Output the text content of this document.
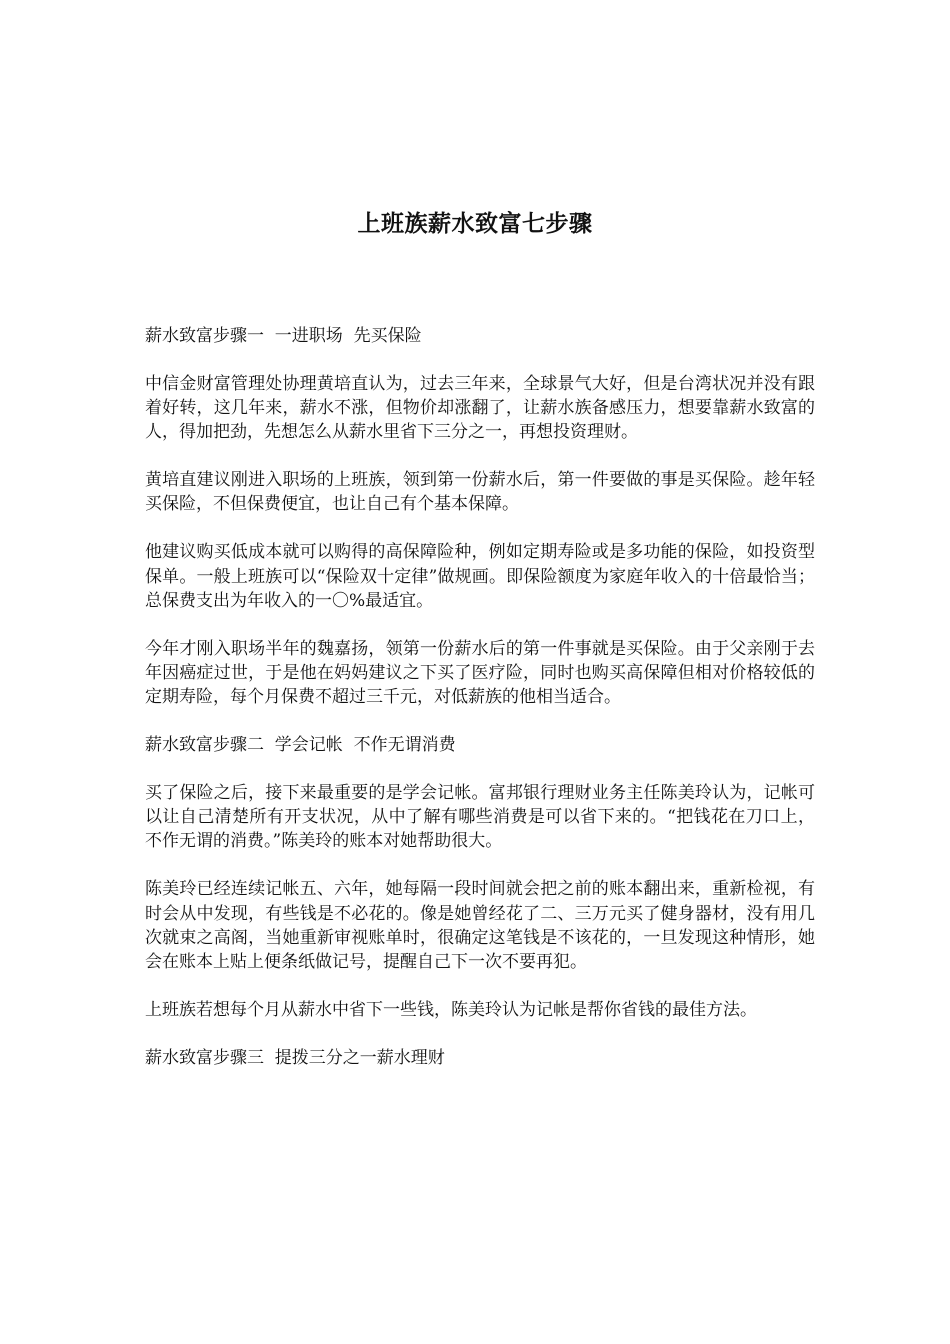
上班族薪水致富七步骤

薪水致富步骤一  一进职场  先买保险

中信金财富管理处协理黄培直认为，过去三年来，全球景气大好，但是台湾状况并没有跟着好转，这几年来，薪水不涨，但物价却涨翻了，让薪水族备感压力，想要靠薪水致富的人，得加把劲，先想怎么从薪水里省下三分之一，再想投资理财。

黄培直建议刚进入职场的上班族，领到第一份薪水后，第一件要做的事是买保险。趁年轻买保险，不但保费便宜，也让自己有个基本保障。

他建议购买低成本就可以购得的高保障险种，例如定期寿险或是多功能的保险，如投资型保单。一般上班族可以“保险双十定律”做规画。即保险额度为家庭年收入的十倍最恰当；总保费支出为年收入的一〇%最适宜。

今年才刚入职场半年的魏嘉扬，领第一份薪水后的第一件事就是买保险。由于父亲刚于去年因癌症过世，于是他在妈妈建议之下买了医疗险，同时也购买高保障但相对价格较低的定期寿险，每个月保费不超过三千元，对低薪族的他相当适合。

薪水致富步骤二  学会记帐  不作无谓消费

买了保险之后，接下来最重要的是学会记帐。富邦银行理财业务主任陈美玲认为，记帐可以让自己清楚所有开支状况，从中了解有哪些消费是可以省下来的。“把钱花在刀口上，不作无谓的消费。”陈美玲的账本对她帮助很大。

陈美玲已经连续记帐五、六年，她每隔一段时间就会把之前的账本翻出来，重新检视，有时会从中发现，有些钱是不必花的。像是她曾经花了二、三万元买了健身器材，没有用几次就束之高阁，当她重新审视账单时，很确定这笔钱是不该花的，一旦发现这种情形，她会在账本上贴上便条纸做记号，提醒自己下一次不要再犯。

上班族若想每个月从薪水中省下一些钱，陈美玲认为记帐是帮你省钱的最佳方法。

薪水致富步骤三  提拨三分之一薪水理财
